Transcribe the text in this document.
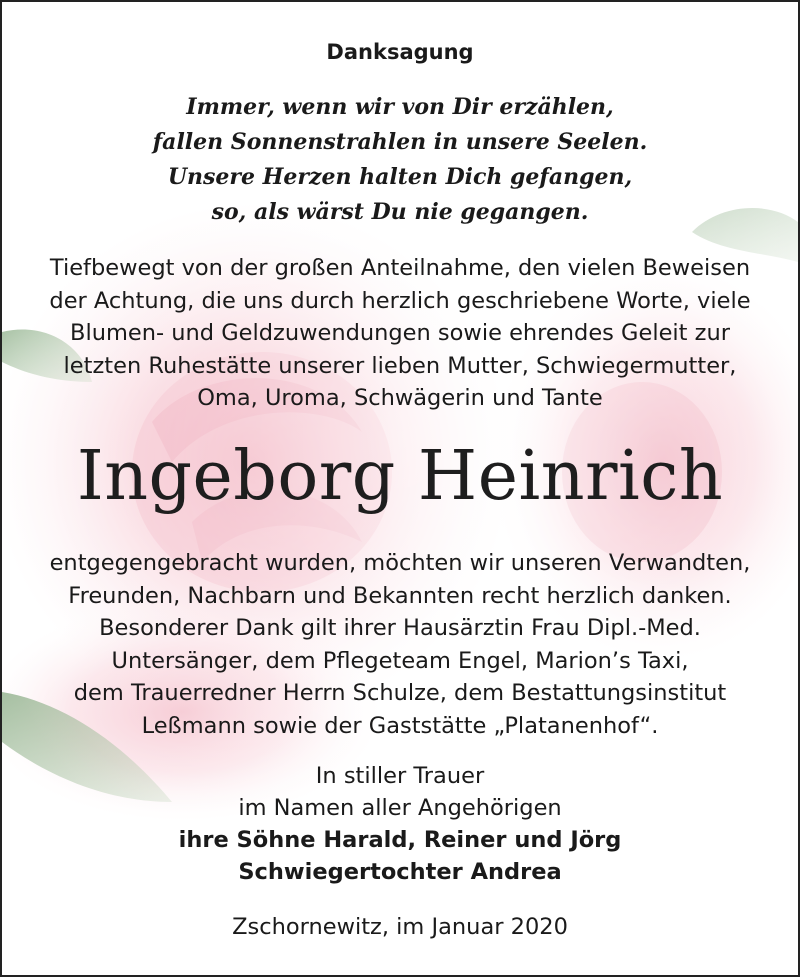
Danksagung
Immer, wenn wir von Dir erzählen,
fallen Sonnenstrahlen in unsere Seelen.
Unsere Herzen halten Dich gefangen,
so, als wärst Du nie gegangen.
Tiefbewegt von der großen Anteilnahme, den vielen Beweisen
der Achtung, die uns durch herzlich geschriebene Worte, viele
Blumen- und Geldzuwendungen sowie ehrendes Geleit zur
letzten Ruhestätte unserer lieben Mutter, Schwiegermutter,
Oma, Uroma, Schwägerin und Tante
Ingeborg Heinrich
entgegengebracht wurden, möchten wir unseren Verwandten,
Freunden, Nachbarn und Bekannten recht herzlich danken.
Besonderer Dank gilt ihrer Hausärztin Frau Dipl.-Med.
Untersänger, dem Pflegeteam Engel, Marion’s Taxi,
dem Trauerredner Herrn Schulze, dem Bestattungsinstitut
Leßmann sowie der Gaststätte „Platanenhof“.
In stiller Trauer
im Namen aller Angehörigen
ihre Söhne Harald, Reiner und Jörg
Schwiegertochter Andrea
Zschornewitz, im Januar 2020
